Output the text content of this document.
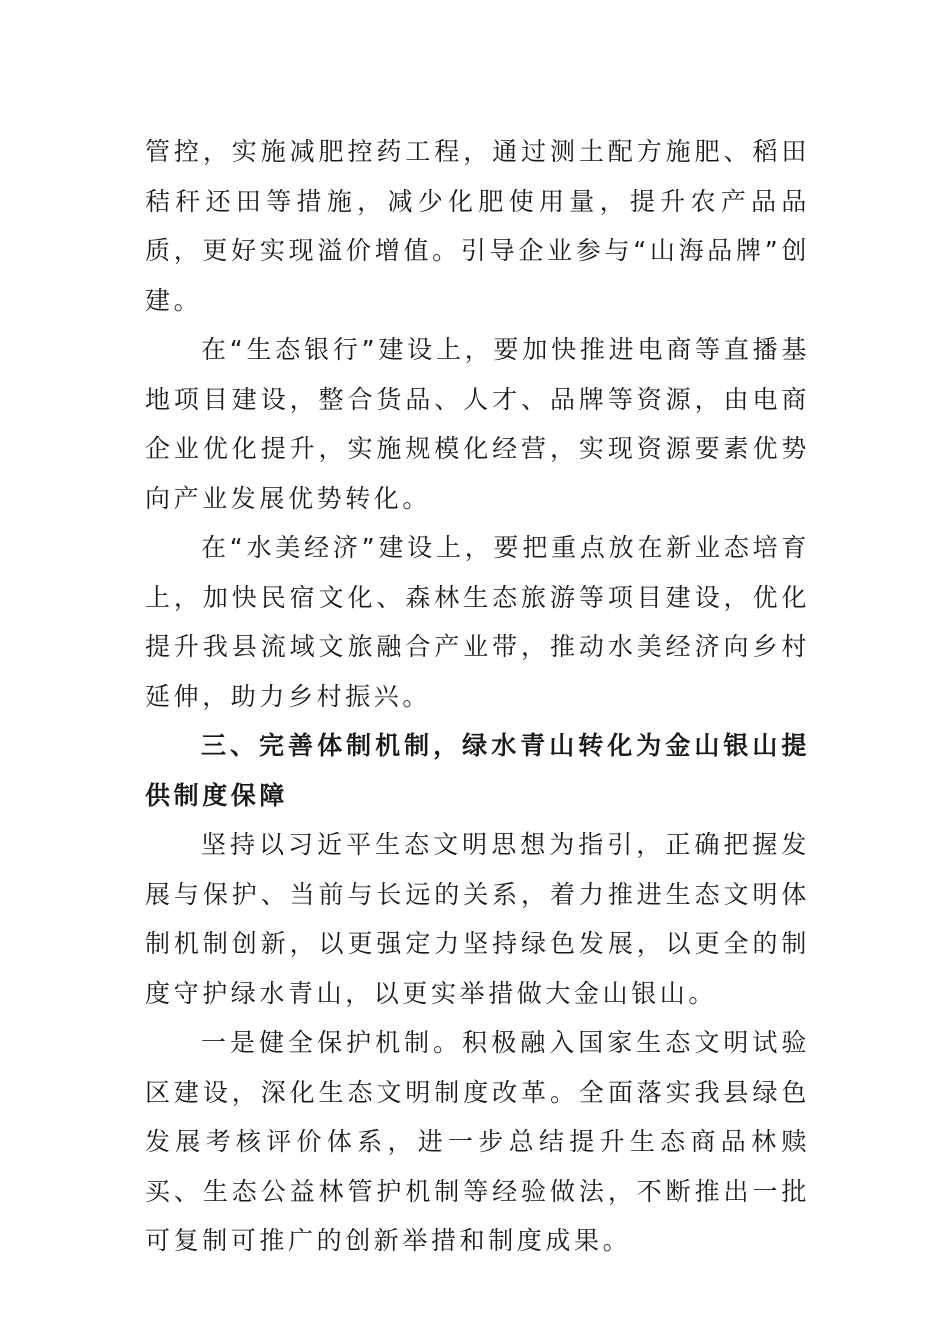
管控，实施减肥控药工程，通过测土配方施肥、稻田秸秆还田等措施，减少化肥使用量，提升农产品品质，更好实现溢价增值。引导企业参与“山海品牌”创建。

在“生态银行”建设上，要加快推进电商等直播基地项目建设，整合货品、人才、品牌等资源，由电商企业优化提升，实施规模化经营，实现资源要素优势向产业发展优势转化。

在“水美经济”建设上，要把重点放在新业态培育上，加快民宿文化、森林生态旅游等项目建设，优化提升我县流域文旅融合产业带，推动水美经济向乡村延伸，助力乡村振兴。

三、完善体制机制，绿水青山转化为金山银山提供制度保障

坚持以习近平生态文明思想为指引，正确把握发展与保护、当前与长远的关系，着力推进生态文明体制机制创新，以更强定力坚持绿色发展，以更全的制度守护绿水青山，以更实举措做大金山银山。

一是健全保护机制。积极融入国家生态文明试验区建设，深化生态文明制度改革。全面落实我县绿色发展考核评价体系，进一步总结提升生态商品林赎买、生态公益林管护机制等经验做法，不断推出一批可复制可推广的创新举措和制度成果。
